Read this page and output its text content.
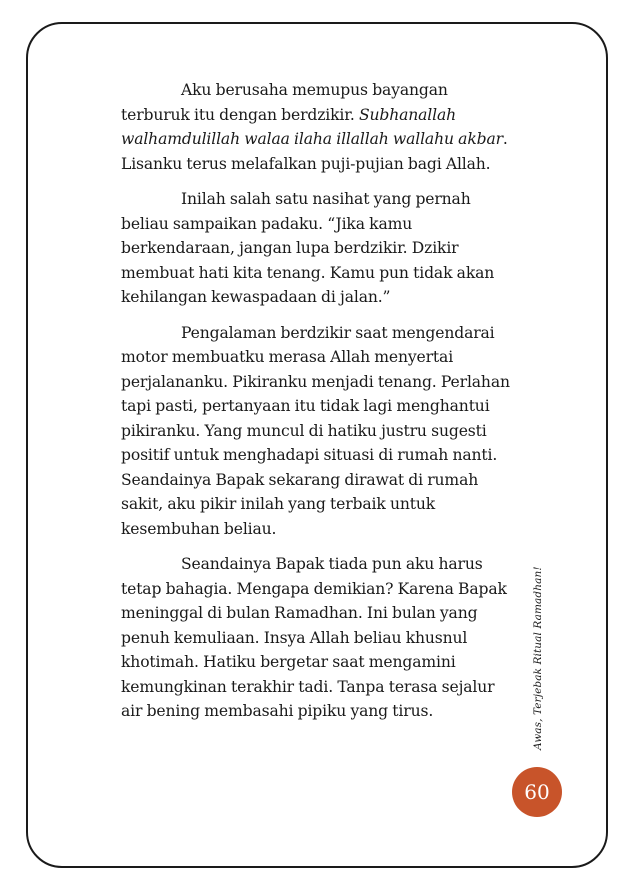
Aku berusaha memupus bayangan terburuk itu dengan berdzikir. Subhanallah walhamdulillah walaa ilaha illallah wallahu akbar. Lisanku terus melafalkan puji-pujian bagi Allah.

Inilah salah satu nasihat yang pernah beliau sampaikan padaku. “Jika kamu berkendaraan, jangan lupa berdzikir. Dzikir membuat hati kita tenang. Kamu pun tidak akan kehilangan kewaspadaan di jalan.”

Pengalaman berdzikir saat mengendarai motor membuatku merasa Allah menyertai perjalananku. Pikiranku menjadi tenang. Perlahan tapi pasti, pertanyaan itu tidak lagi menghantui pikiranku. Yang muncul di hatiku justru sugesti positif untuk menghadapi situasi di rumah nanti. Seandainya Bapak sekarang dirawat di rumah sakit, aku pikir inilah yang terbaik untuk kesembuhan beliau.

Seandainya Bapak tiada pun aku harus tetap bahagia. Mengapa demikian? Karena Bapak meninggal di bulan Ramadhan. Ini bulan yang penuh kemuliaan. Insya Allah beliau khusnul khotimah. Hatiku bergetar saat mengamini kemungkinan terakhir tadi. Tanpa terasa sejalur air bening membasahi pipiku yang tirus.	Awas, Terjebak Ritual Ramadhan!
60
